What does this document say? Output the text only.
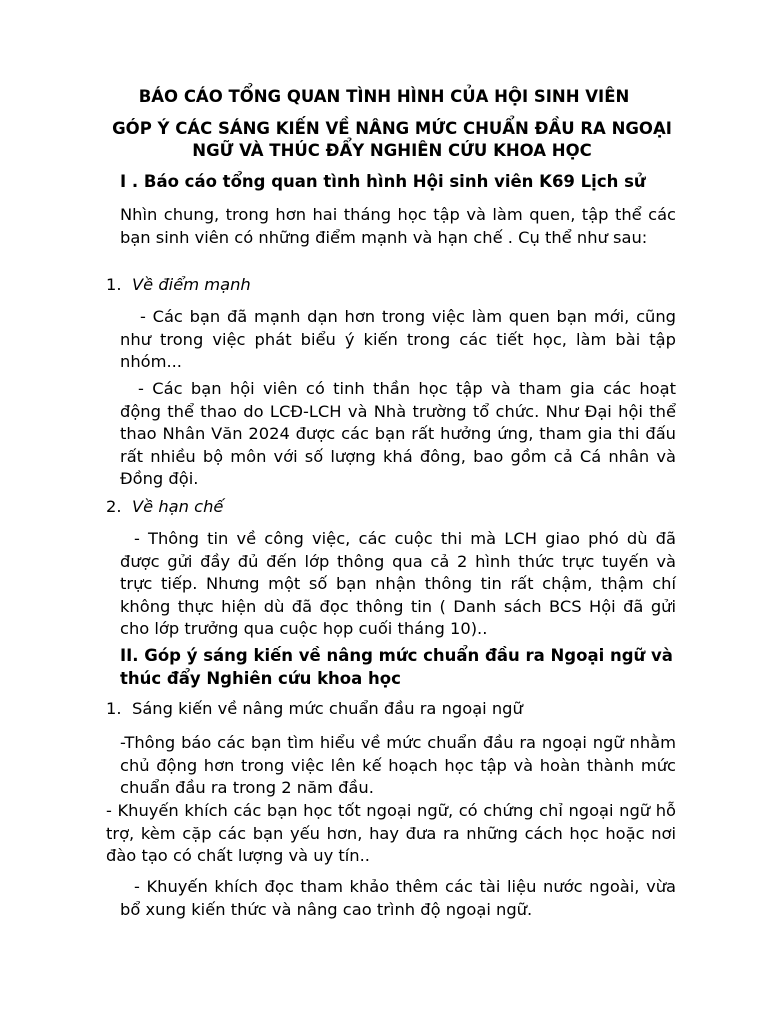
BÁO CÁO TỔNG QUAN TÌNH HÌNH CỦA HỘI SINH VIÊN

GÓP Ý CÁC SÁNG KIẾN VỀ NÂNG MỨC CHUẨN ĐẦU RA NGOẠI NGỮ VÀ THÚC ĐẨY NGHIÊN CỨU KHOA HỌC

I . Báo cáo tổng quan tình hình Hội sinh viên K69 Lịch sử

Nhìn chung, trong hơn hai tháng học tập và làm quen, tập thể các bạn sinh viên có những điểm mạnh và hạn chế . Cụ thể như sau:

1. Về điểm mạnh

- Các bạn đã mạnh dạn hơn trong việc làm quen bạn mới, cũng như trong việc phát biểu ý kiến trong các tiết học, làm bài tập nhóm...

- Các bạn hội viên có tinh thần học tập và tham gia các hoạt động thể thao do LCĐ-LCH và Nhà trường tổ chức. Như Đại hội thể thao Nhân Văn 2024 được các bạn rất hưởng ứng, tham gia thi đấu rất nhiều bộ môn với số lượng khá đông, bao gồm cả Cá nhân và Đồng đội.

2. Về hạn chế

- Thông tin về công việc, các cuộc thi mà LCH giao phó dù đã được gửi đầy đủ đến lớp thông qua cả 2 hình thức trực tuyến và trực tiếp. Nhưng một số bạn nhận thông tin rất chậm, thậm chí không thực hiện dù đã đọc thông tin ( Danh sách BCS Hội đã gửi cho lớp trưởng qua cuộc họp cuối tháng 10)..

II. Góp ý sáng kiến về nâng mức chuẩn đầu ra Ngoại ngữ và thúc đẩy Nghiên cứu khoa học

1. Sáng kiến về nâng mức chuẩn đầu ra ngoại ngữ

-Thông báo các bạn tìm hiểu về mức chuẩn đầu ra ngoại ngữ nhằm chủ động hơn trong việc lên kế hoạch học tập và hoàn thành mức chuẩn đầu ra trong 2 năm đầu.

- Khuyến khích các bạn học tốt ngoại ngữ, có chứng chỉ ngoại ngữ hỗ trợ, kèm cặp các bạn yếu hơn, hay đưa ra những cách học hoặc nơi đào tạo có chất lượng và uy tín..

- Khuyến khích đọc tham khảo thêm các tài liệu nước ngoài, vừa bổ xung kiến thức và nâng cao trình độ ngoại ngữ.
